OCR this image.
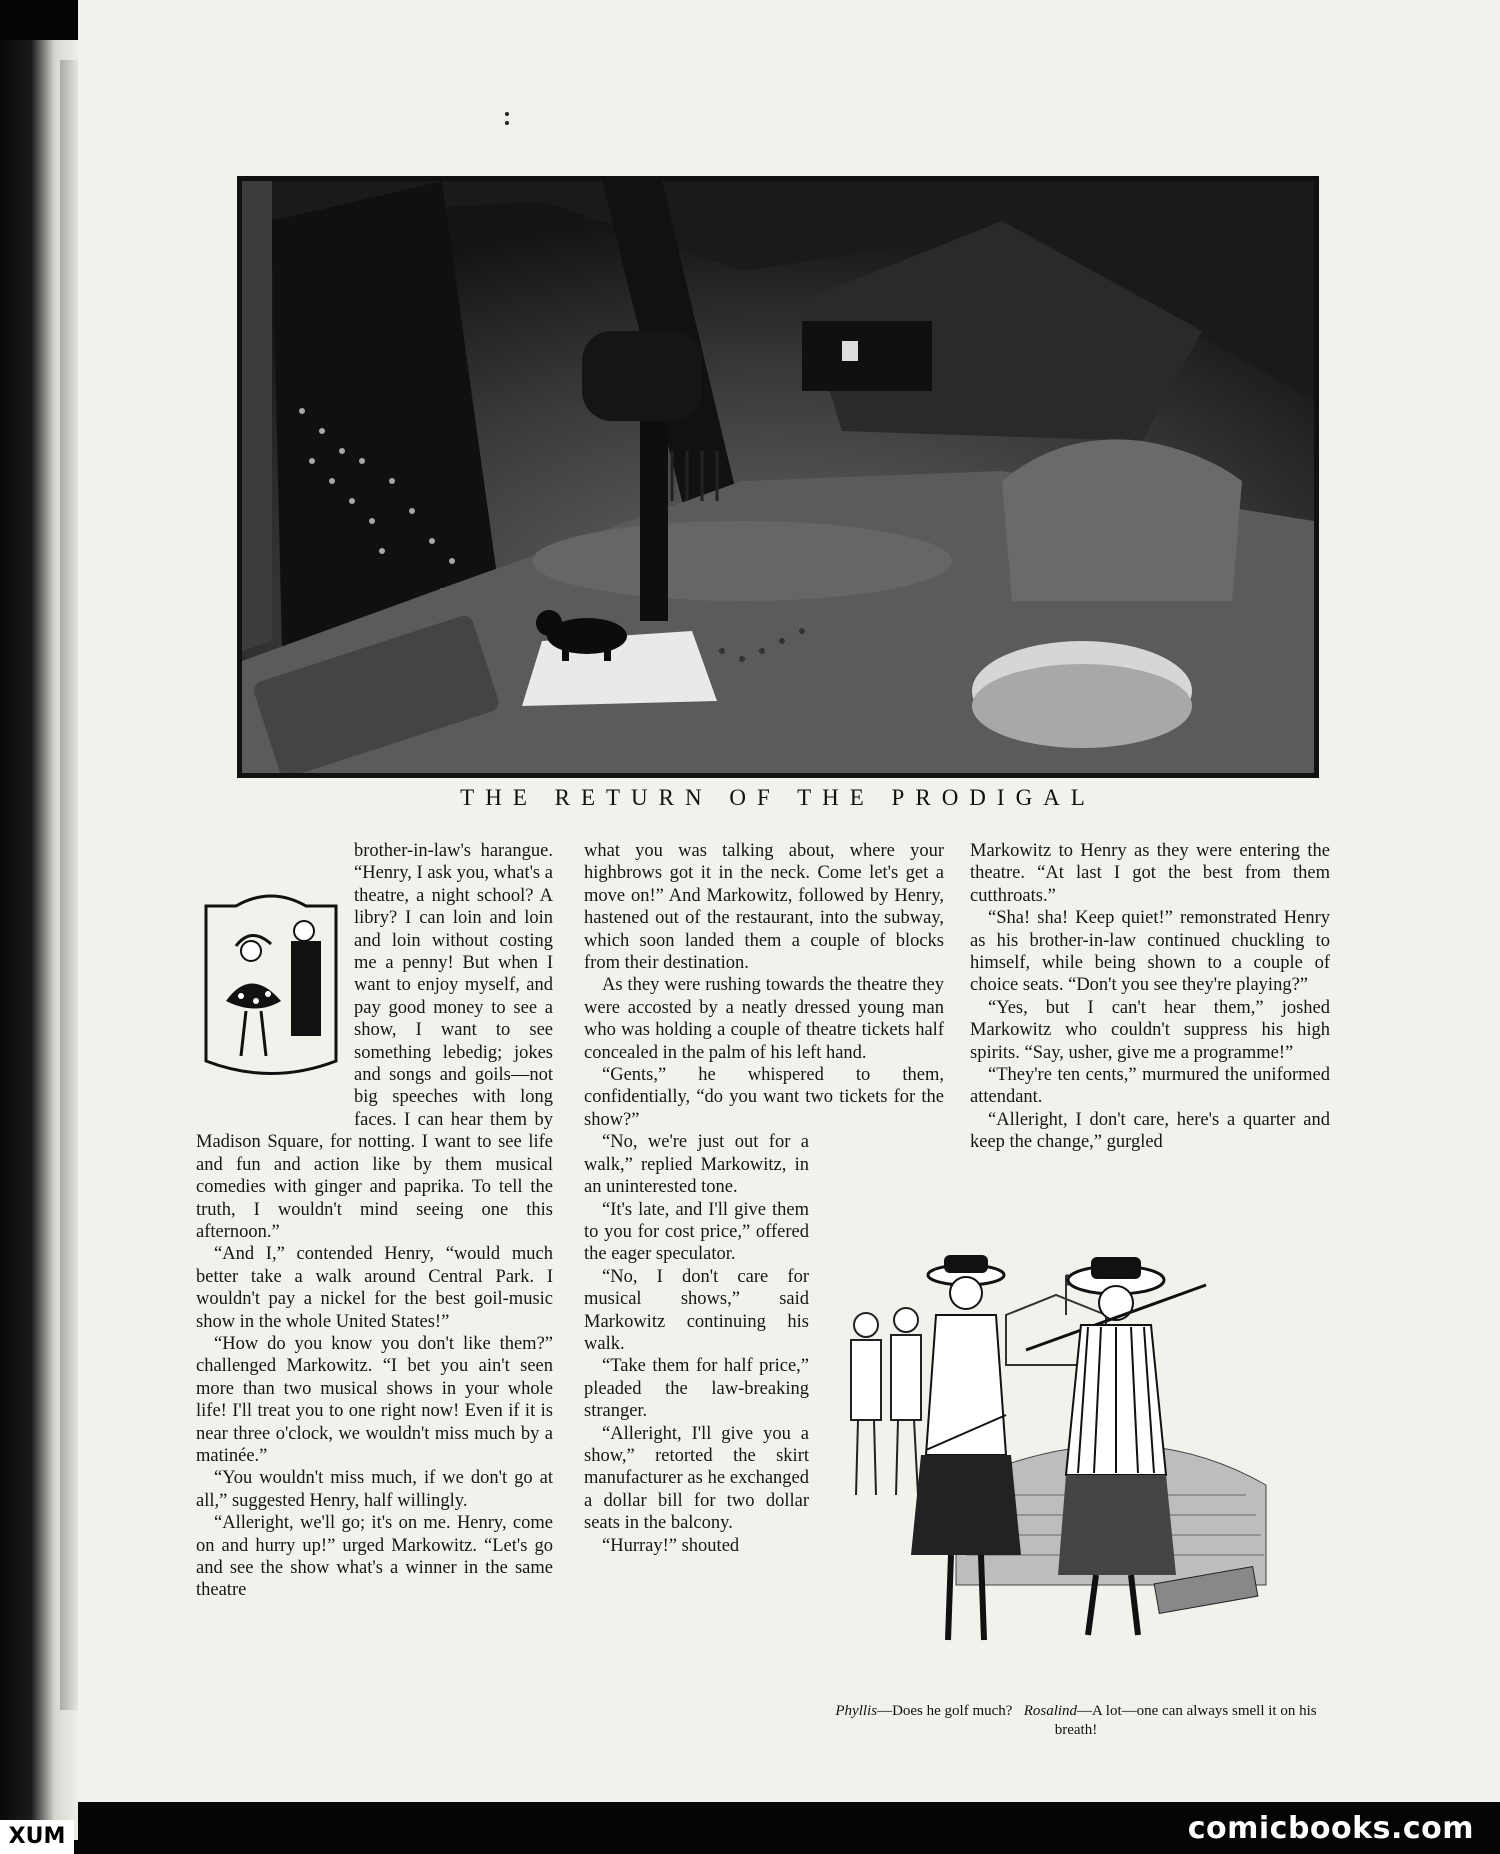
THE RETURN OF THE PRODIGAL

brother-in-law's harangue. “Henry, I ask you, what's a theatre, a night school? A libry? I can loin and loin and loin without costing me a penny! But when I want to enjoy myself, and pay good money to see a show, I want to see something lebedig; jokes and songs and goils—not big speeches with long faces. I can hear them by Madison Square, for notting. I want to see life and fun and action like by them musical comedies with ginger and paprika. To tell the truth, I wouldn't mind seeing one this afternoon.”

“And I,” contended Henry, “would much better take a walk around Central Park. I wouldn't pay a nickel for the best goil-music show in the whole United States!”

“How do you know you don't like them?” challenged Markowitz. “I bet you ain't seen more than two musical shows in your whole life! I'll treat you to one right now! Even if it is near three o'clock, we wouldn't miss much by a matinée.”

“You wouldn't miss much, if we don't go at all,” suggested Henry, half willingly.

“Alleright, we'll go; it's on me. Henry, come on and hurry up!” urged Markowitz. “Let's go and see the show what's a winner in the same theatre

what you was talking about, where your highbrows got it in the neck. Come let's get a move on!” And Markowitz, followed by Henry, hastened out of the restaurant, into the subway, which soon landed them a couple of blocks from their destination.

As they were rushing towards the theatre they were accosted by a neatly dressed young man who was holding a couple of theatre tickets half concealed in the palm of his left hand.

“Gents,” he whispered to them, confidentially, “do you want two tickets for the show?”

“No, we're just out for a walk,” replied Markowitz, in an uninterested tone.

“It's late, and I'll give them to you for cost price,” offered the eager speculator.

“No, I don't care for musical shows,” said Markowitz continuing his walk.

“Take them for half price,” pleaded the law-breaking stranger.

“Alleright, I'll give you a show,” retorted the skirt manufacturer as he exchanged a dollar bill for two dollar seats in the balcony.

“Hurray!” shouted

Markowitz to Henry as they were entering the theatre. “At last I got the best from them cutthroats.”

“Sha! sha! Keep quiet!” remonstrated Henry as his brother-in-law continued chuckling to himself, while being shown to a couple of choice seats. “Don't you see they're playing?”

“Yes, but I can't hear them,” joshed Markowitz who couldn't suppress his high spirits. “Say, usher, give me a programme!”

“They're ten cents,” murmured the uniformed attendant.

“Alleright, I don't care, here's a quarter and keep the change,” gurgled

Phyllis—Does he golf much? Rosalind—A lot—one can always smell it on his breath!
comicbooks.com
XUM
